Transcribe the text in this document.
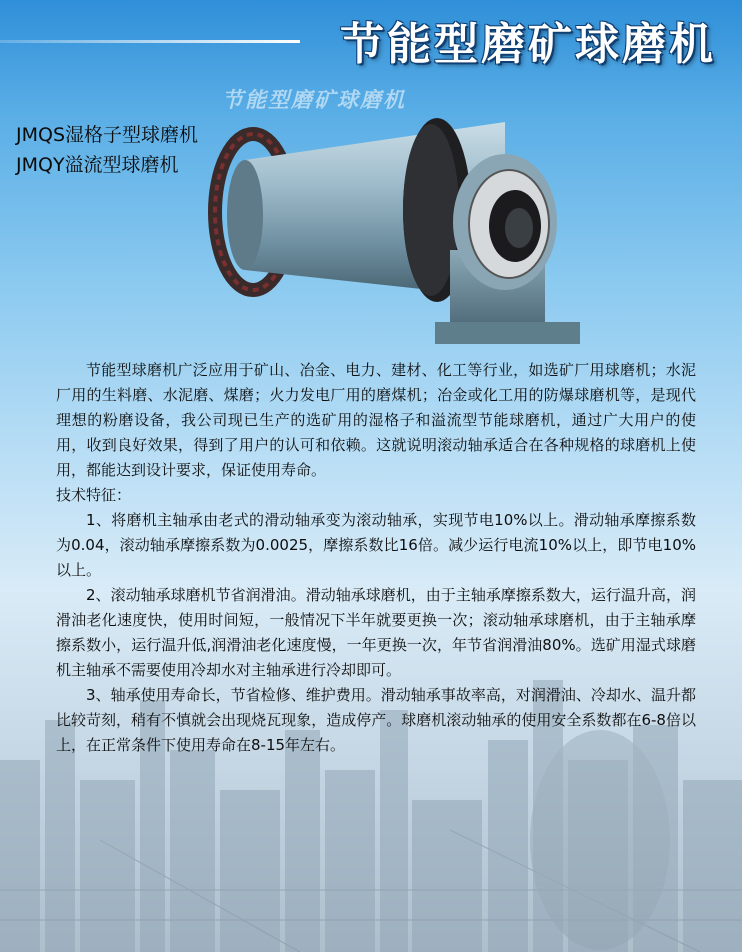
节能型磨矿球磨机
节能型磨矿球磨机
JMQS湿格子型球磨机
JMQY溢流型球磨机

节能型球磨机广泛应用于矿山、冶金、电力、建材、化工等行业，如选矿厂用球磨机；水泥厂用的生料磨、水泥磨、煤磨；火力发电厂用的磨煤机；冶金或化工用的防爆球磨机等，是现代理想的粉磨设备，我公司现已生产的选矿用的湿格子和溢流型节能球磨机，通过广大用户的使用，收到良好效果，得到了用户的认可和依赖。这就说明滚动轴承适合在各种规格的球磨机上使用，都能达到设计要求，保证使用寿命。

技术特征：

1、将磨机主轴承由老式的滑动轴承变为滚动轴承，实现节电10%以上。滑动轴承摩擦系数为0.04，滚动轴承摩擦系数为0.0025，摩擦系数比16倍。减少运行电流10%以上，即节电10%以上。

2、滚动轴承球磨机节省润滑油。滑动轴承球磨机，由于主轴承摩擦系数大，运行温升高，润滑油老化速度快，使用时间短，一般情况下半年就要更换一次；滚动轴承球磨机，由于主轴承摩擦系数小，运行温升低,润滑油老化速度慢，一年更换一次，年节省润滑油80%。选矿用湿式球磨机主轴承不需要使用冷却水对主轴承进行冷却即可。

3、轴承使用寿命长，节省检修、维护费用。滑动轴承事故率高，对润滑油、冷却水、温升都比较苛刻，稍有不慎就会出现烧瓦现象，造成停产。球磨机滚动轴承的使用安全系数都在6-8倍以上，在正常条件下使用寿命在8-15年左右。
